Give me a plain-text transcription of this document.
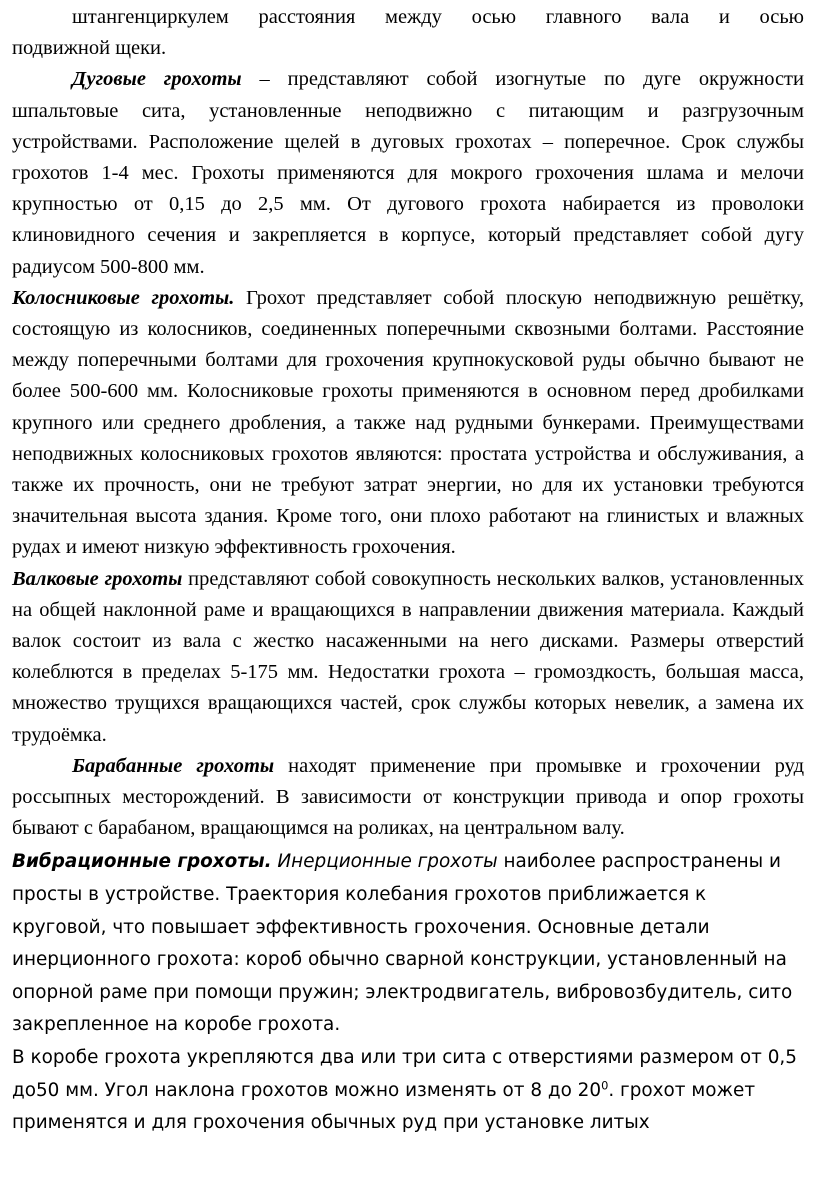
штангенциркулем расстояния между осью главного вала и осью

подвижной щеки.

Дуговые грохоты – представляют собой изогнутые по дуге окружности шпальтовые сита, установленные неподвижно с питающим и разгрузочным устройствами. Расположение щелей в дуговых грохотах – поперечное. Срок службы грохотов 1-4 мес. Грохоты применяются для мокрого грохочения шлама и мелочи крупностью от 0,15 до 2,5 мм. От дугового грохота набирается из проволоки клиновидного сечения и закрепляется в корпусе, который представляет собой дугу радиусом 500-800 мм.

Колосниковые грохоты. Грохот представляет собой плоскую неподвижную решётку, состоящую из колосников, соединенных поперечными сквозными болтами. Расстояние между поперечными болтами для грохочения крупнокусковой руды обычно бывают не более 500-600 мм. Колосниковые грохоты применяются в основном перед дробилками крупного или среднего дробления, а также над рудными бункерами. Преимуществами неподвижных колосниковых грохотов являются: простата устройства и обслуживания, а также их прочность, они не требуют затрат энергии, но для их установки требуются значительная высота здания. Кроме того, они плохо работают на глинистых и влажных рудах и имеют низкую эффективность грохочения.

Валковые грохоты представляют собой совокупность нескольких валков, установленных на общей наклонной раме и вращающихся в направлении движения материала. Каждый валок состоит из вала с жестко насаженными на него дисками. Размеры отверстий колеблются в пределах 5-175 мм. Недостатки грохота – громоздкость, большая масса, множество трущихся вращающихся частей, срок службы которых невелик, а замена их трудоёмка.

Барабанные грохоты находят применение при промывке и грохочении руд россыпных месторождений. В зависимости от конструкции привода и опор грохоты бывают с барабаном, вращающимся на роликах, на центральном валу.

Вибрационные грохоты. Инерционные грохоты наиболее распространены и просты в устройстве. Траектория колебания грохотов приближается к круговой, что повышает эффективность грохочения. Основные детали инерционного грохота: короб обычно сварной конструкции, установленный на опорной раме при помощи пружин; электродвигатель, вибровозбудитель, сито закрепленное на коробе грохота.

В коробе грохота укрепляются два или три сита с отверстиями размером от 0,5 до50 мм. Угол наклона грохотов можно изменять от 8 до $20^0$. грохот может применятся и для грохочения обычных руд при установке литых
